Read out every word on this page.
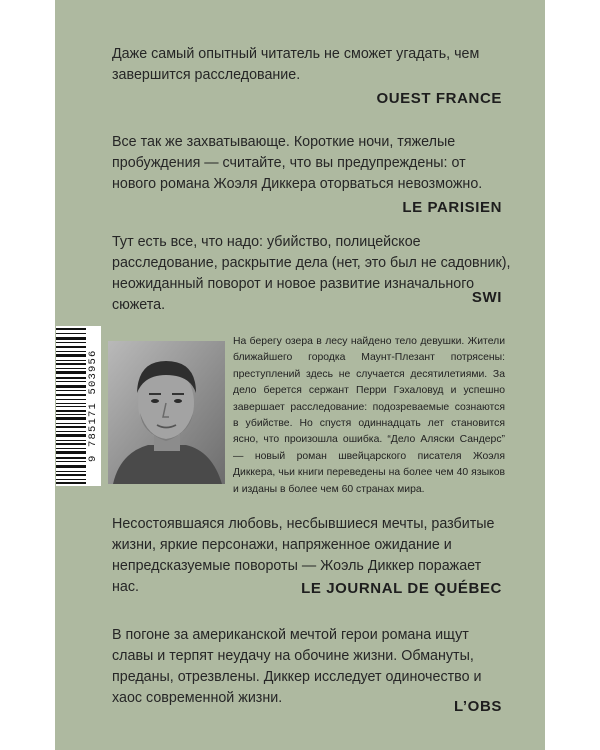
Даже самый опытный читатель не сможет угадать, чем завершится расследование.

OUEST FRANCE

Все так же захватывающе. Короткие ночи, тяжелые пробуждения — считайте, что вы предупреждены: от нового романа Жоэля Диккера оторваться невозможно.

LE PARISIEN

Тут есть все, что надо: убийство, полицейское расследование, раскрытие дела (нет, это был не садовник), неожиданный поворот и новое развитие изначального сюжета.	SWI

9 785171 503956

На берегу озера в лесу найдено тело девушки. Жители ближайшего городка Маунт-Плезант потрясены: преступлений здесь не случается десятилетиями. За дело берется сержант Перри Гэхаловуд и успешно завершает расследование: подозреваемые сознаются в убийстве. Но спустя одиннадцать лет становится ясно, что произошла ошибка. “Дело Аляски Сандерс” — новый роман швейцарского писателя Жоэля Диккера, чьи книги переведены на более чем 40 языков и изданы в более чем 60 странах мира.

Несостоявшаяся любовь, несбывшиеся мечты, разбитые жизни, яркие персонажи, напряженное ожидание и непредсказуемые повороты — Жоэль Диккер поражает нас.	LE JOURNAL DE QUÉBEC

В погоне за американской мечтой герои романа ищут славы и терпят неудачу на обочине жизни. Обмануты, преданы, отрезвлены. Диккер исследует одиночество и хаос современной жизни.	L’OBS
